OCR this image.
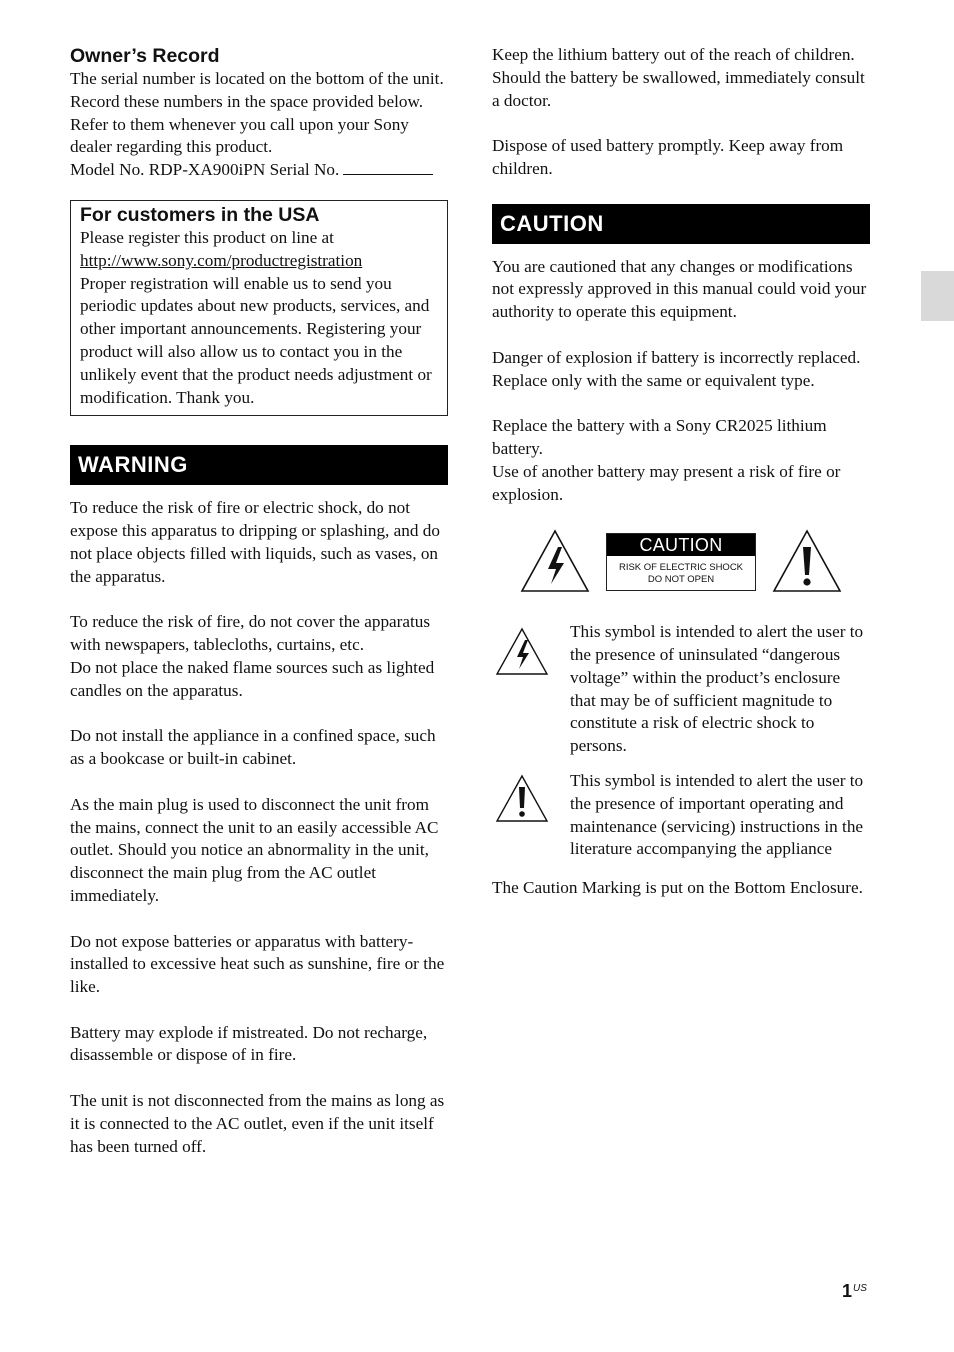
Owner’s Record

The serial number is located on the bottom of the unit. Record these numbers in the space provided below. Refer to them whenever you call upon your Sony dealer regarding this product.

Model No. RDP-XA900iPN Serial No.

For customers in the USA

Please register this product on line at

http://www.sony.com/productregistration

Proper registration will enable us to send you periodic updates about new products, services, and other important announcements. Registering your product will also allow us to contact you in the unlikely event that the product needs adjustment or modification. Thank you.

WARNING

To reduce the risk of fire or electric shock, do not expose this apparatus to dripping or splashing, and do not place objects filled with liquids, such as vases, on the apparatus.

To reduce the risk of fire, do not cover the apparatus with newspapers, tablecloths, curtains, etc.

Do not place the naked flame sources such as lighted candles on the apparatus.

Do not install the appliance in a confined space, such as a bookcase or built-in cabinet.

As the main plug is used to disconnect the unit from the mains, connect the unit to an easily accessible AC outlet. Should you notice an abnormality in the unit, disconnect the main plug from the AC outlet immediately.

Do not expose batteries or apparatus with battery-installed to excessive heat such as sunshine, fire or the like.

Battery may explode if mistreated. Do not recharge, disassemble or dispose of in fire.

The unit is not disconnected from the mains as long as it is connected to the AC outlet, even if the unit itself has been turned off.

Keep the lithium battery out of the reach of children. Should the battery be swallowed, immediately consult a doctor.

Dispose of used battery promptly. Keep away from children.

CAUTION

You are cautioned that any changes or modifications not expressly approved in this manual could void your authority to operate this equipment.

Danger of explosion if battery is incorrectly replaced. Replace only with the same or equivalent type.

Replace the battery with a Sony CR2025 lithium battery.

Use of another battery may present a risk of fire or explosion.

CAUTION
RISK OF ELECTRIC SHOCK
DO NOT OPEN

This symbol is intended to alert the user to the presence of uninsulated “dangerous voltage” within the product’s enclosure that may be of sufficient magnitude to constitute a risk of electric shock to persons.

This symbol is intended to alert the user to the presence of important operating and maintenance (servicing) instructions in the literature accompanying the appliance

The Caution Marking is put on the Bottom Enclosure.

$1^{US}$
